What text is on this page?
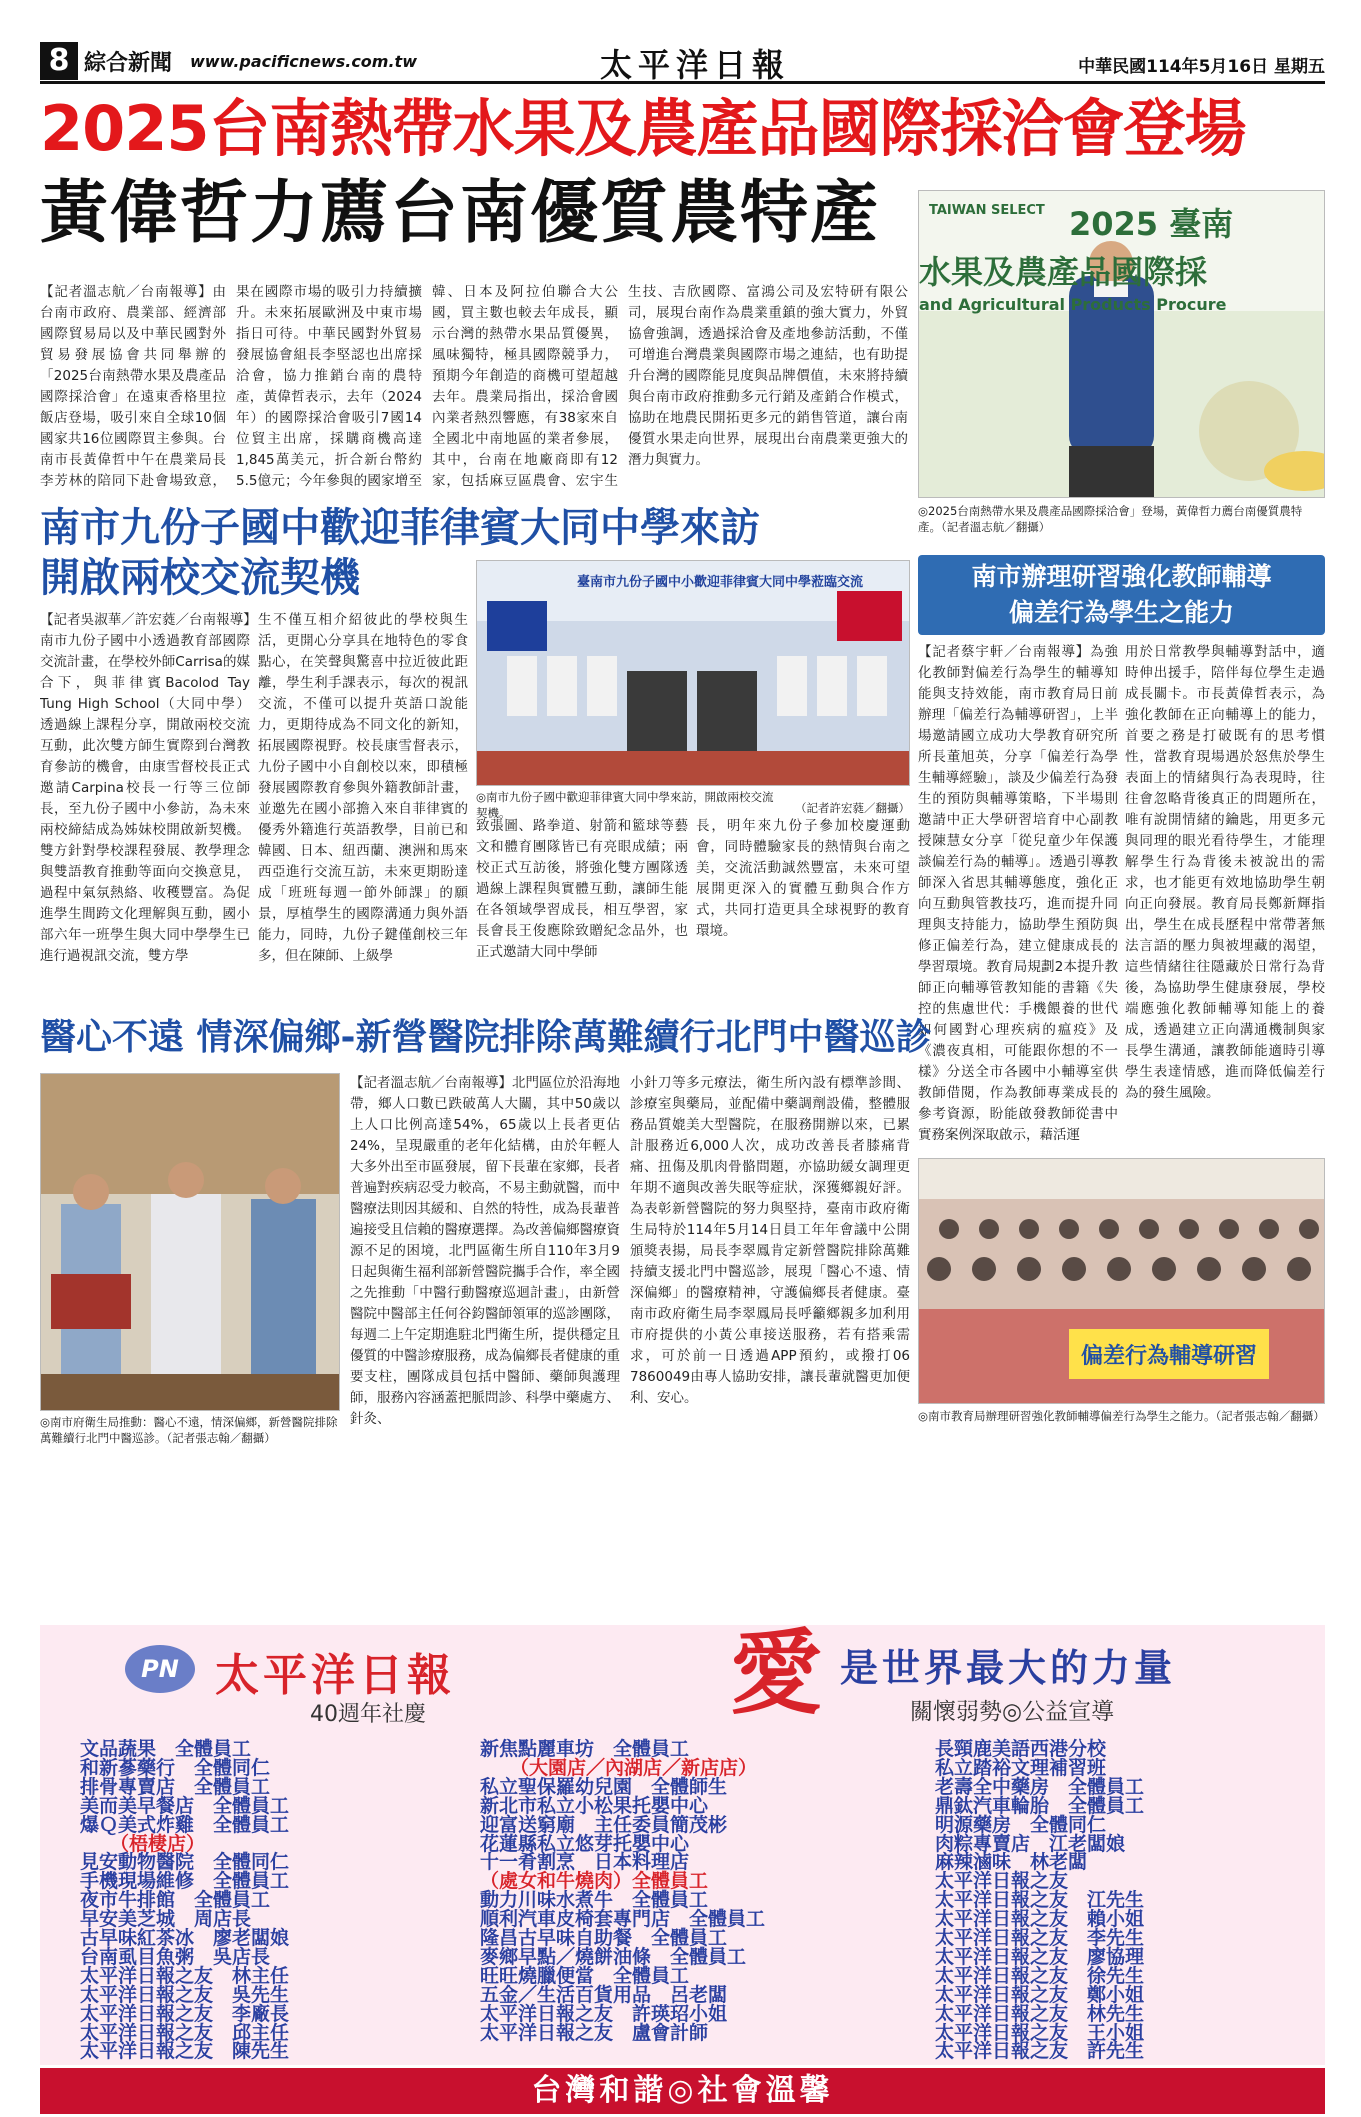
8 綜合新聞 www.pacificnews.com.tw	太平洋日報	中華民國114年5月16日 星期五
2025台南熱帶水果及農產品國際採洽會登場
黃偉哲力薦台南優質農特產
【記者溫志航／台南報導】由台南市政府、農業部、經濟部國際貿易局以及中華民國對外貿易發展協會共同舉辦的「2025台南熱帶水果及農產品國際採洽會」在遠東香格里拉飯店登場，吸引來自全球10個國家共16位國際買主參與。台南市長黃偉哲中午在農業局長李芳林的陪同下赴會場致意，
果在國際市場的吸引力持續擴升。未來拓展歐洲及中東市場指日可待。中華民國對外貿易發展協會組長李堅認也出席採洽會，協力推銷台南的農特產，黃偉哲表示，去年（2024年）的國際採洽會吸引7國14位貿主出席，採購商機高達1,845萬美元，折合新台幣約5.5億元；今年參與的國家增至
韓、日本及阿拉伯聯合大公國，買主數也較去年成長，顯示台灣的熱帶水果品質優異，風味獨特，極具國際競爭力，預期今年創造的商機可望超越去年。農業局指出，採洽會國內業者熱烈響應，有38家來自全國北中南地區的業者參展，其中，台南在地廠商即有12家，包括麻豆區農會、宏宇生
生技、吉欣國際、富鴻公司及宏特研有限公司，展現台南作為農業重鎮的強大實力，外貿協會強調，透過採洽會及產地參訪活動，不僅可增進台灣農業與國際市場之連結，也有助提升台灣的國際能見度與品牌價值，未來將持續與台南市政府推動多元行銷及產銷合作模式，協助在地農民開拓更多元的銷售管道，讓台南優質水果走向世界，展現出台南農業更強大的潛力與實力。
TAIWAN SELECT 2025 臺南
水果及農產品國際採
and Agricultural Products Procure
◎2025台南熱帶水果及農產品國際採洽會」登場，黃偉哲力薦台南優質農特產。（記者溫志航／翻攝）
南市九份子國中歡迎菲律賓大同中學來訪
開啟兩校交流契機
【記者吳淑華／許宏蕤／台南報導】南市九份子國中小透過教育部國際交流計畫，在學校外師Carrisa的媒合下，與菲律賓Bacolod Tay Tung High School（大同中學）透過線上課程分享，開啟兩校交流互動，此次雙方師生實際到台灣教育參訪的機會，由康雪督校長正式邀請Carpina校長一行等三位師長，至九份子國中小參訪，為未來兩校締結成為姊妹校開啟新契機。雙方針對學校課程發展、教學理念與雙語教育推動等面向交換意見，過程中氣氛熱絡、收穫豐富。為促進學生間跨文化理解與互動，國小部六年一班學生與大同中學學生已進行過視訊交流，雙方學
生不僅互相介紹彼此的學校與生活，更開心分享具在地特色的零食點心，在笑聲與驚喜中拉近彼此距離，學生利手課表示，每次的視訊交流，不僅可以提升英語口說能力，更期待成為不同文化的新知，拓展國際視野。校長康雪督表示，九份子國中小自創校以來，即積極發展國際教育參與外籍教師計畫，並邀先在國小部擔入來自菲律賓的優秀外籍進行英語教學，目前已和韓國、日本、紐西蘭、澳洲和馬來西亞進行交流互訪，未來更期盼達成「班班每週一節外師課」的願景，厚植學生的國際溝通力與外語能力，同時，九份子鍵僅創校三年多，但在陳師、上級學
致張圖、路拳道、射箭和籃球等藝文和體育團隊皆已有亮眼成績；兩校正式互訪後，將強化雙方團隊透過線上課程與實體互動，讓師生能在各領域學習成長，相互學習，家長會長王俊應除致贈紀念品外，也正式邀請大同中學師
長，明年來九份子參加校慶運動會，同時體驗家長的熱情與台南之美，交流活動誠然豐富，未來可望展開更深入的實體互動與合作方式，共同打造更具全球視野的教育環境。
臺南市九份子國中小歡迎菲律賓大同中學蒞臨交流
◎南市九份子國中歡迎菲律賓大同中學來訪，開啟兩校交流契機。	（記者許宏蕤／翻攝）
南市辦理研習強化教師輔導
偏差行為學生之能力
【記者蔡宇軒／台南報導】為強化教師對偏差行為學生的輔導知能與支持效能，南市教育局日前辦理「偏差行為輔導研習」，上半場邀請國立成功大學教育研究所所長董旭英，分享「偏差行為學生輔導經驗」，談及少偏差行為發生的預防與輔導策略，下半場則邀請中正大學研習培育中心副教授陳慧女分享「從兒童少年保護談偏差行為的輔導」。透過引導教師深入省思其輔導態度，強化正向互動與管教技巧，進而提升同理與支持能力，協助學生預防與修正偏差行為，建立健康成長的學習環境。教育局規劃2本提升教師正向輔導管教知能的書籍《失控的焦慮世代：手機餵養的世代如何國對心理疾病的瘟疫》及《濃夜真相，可能跟你想的不一樣》分送全市各國中小輔導室供教師借閱，作為教師專業成長的參考資源，盼能啟發教師從書中實務案例深取啟示，藉活運
用於日常教學與輔導對話中，適時伸出援手，陪伴每位學生走過成長關卡。市長黃偉哲表示，為強化教師在正向輔導上的能力，首要之務是打破既有的思考慣性，當教育現場遇於怒焦於學生表面上的情緒與行為表現時，往往會忽略背後真正的問題所在，唯有說開情緒的鑰匙，用更多元與同理的眼光看待學生，才能理解學生行為背後未被說出的需求，也才能更有效地協助學生朝向正向發展。教育局長鄭新輝指出，學生在成長歷程中常帶著無法言語的壓力與被埋藏的渴望，這些情緒往往隱藏於日常行為背後，為協助學生健康發展，學校端應強化教師輔導知能上的養成，透過建立正向溝通機制與家長學生溝通，讓教師能適時引導學生表達情感，進而降低偏差行為的發生風險。
偏差行為輔導研習
◎南市教育局辦理研習強化教師輔導偏差行為學生之能力。（記者張志翰／翻攝）
醫心不遠 情深偏鄉-新營醫院排除萬難續行北門中醫巡診
◎南市府衛生局推動：醫心不遠，情深偏鄉，新營醫院排除萬難續行北門中醫巡診。（記者張志翰／翻攝）
【記者溫志航／台南報導】北門區位於沿海地帶，鄉人口數已跌破萬人大關，其中50歲以上人口比例高達54%，65歲以上長者更佔24%，呈現嚴重的老年化結構，由於年輕人大多外出至市區發展，留下長輩在家鄉，長者普遍對疾病忍受力較高，不易主動就醫，而中醫療法則因其緩和、自然的特性，成為長輩普遍接受且信賴的醫療選擇。為改善偏鄉醫療資源不足的困境，北門區衛生所自110年3月9日起與衛生福利部新營醫院攜手合作，率全國之先推動「中醫行動醫療巡迴計畫」，由新營醫院中醫部主任何谷鈞醫師領軍的巡診團隊，每週二上午定期進駐北門衛生所，提供穩定且優質的中醫診療服務，成為偏鄉長者健康的重要支柱，團隊成員包括中醫師、藥師與護理師，服務內容涵蓋把脈問診、科學中藥處方、針灸、
小針刀等多元療法，衛生所內設有標準診間、診療室與藥局，並配備中藥調劑設備，整體服務品質媲美大型醫院，在服務開辦以來，已累計服務近6,000人次，成功改善長者膝痛背痛、扭傷及肌肉骨骼問題，亦協助緩女調理更年期不適與改善失眠等症狀，深獲鄉親好評。為表彰新營醫院的努力與堅持，臺南市政府衛生局特於114年5月14日員工年年會議中公開頒獎表揚，局長李翠鳳肯定新營醫院排除萬難持續支援北門中醫巡診，展現「醫心不遠、情深偏鄉」的醫療精神，守護偏鄉長者健康。臺南市政府衛生局李翠鳳局長呼籲鄉親多加利用市府提供的小黃公車接送服務，若有搭乘需求，可於前一日透過APP預約，或撥打06 7860049由專人協助安排，讓長輩就醫更加便利、安心。
PN 太平洋日報
40週年社慶	愛 是世界最大的力量
關懷弱勢◎公益宣導
文品蔬果　全體員工
和新蔘藥行　全體同仁
排骨專賣店　全體員工
美而美早餐店　全體員工
爆Ｑ美式炸雞　全體員工
（梧棲店）
見安動物醫院　全體同仁
手機現場維修　全體員工
夜市牛排館　全體員工
早安美芝城　周店長
古早味紅茶冰　廖老闆娘
台南虱目魚粥　吳店長
太平洋日報之友　林主任
太平洋日報之友　吳先生
太平洋日報之友　李廠長
太平洋日報之友　邱主任
太平洋日報之友　陳先生
新焦點麗車坊　全體員工
（大園店／內湖店／新店店）
私立聖保羅幼兒園　全體師生
新北市私立小松果托嬰中心
迎富送窮廟　主任委員簡茂彬
花蓮縣私立悠芽托嬰中心
十一肴割烹　日本料理店
（處女和牛燒肉）全體員工
動力川味水煮牛　全體員工
順利汽車皮椅套專門店　全體員工
隆昌古早味自助餐　全體員工
麥鄉早點／燒餅油條　全體員工
旺旺燒臘便當　全體員工
五金／生活百貨用品　呂老闆
太平洋日報之友　許瑛玿小姐
太平洋日報之友　盧會計師
長頸鹿美語西港分校
私立踏裕文理補習班
老壽全中藥房　全體員工
鼎鈦汽車輪胎　全體員工
明源藥房　全體同仁
肉粽專賣店　江老闆娘
麻辣滷味　林老闆
太平洋日報之友
太平洋日報之友　江先生
太平洋日報之友　賴小姐
太平洋日報之友　李先生
太平洋日報之友　廖協理
太平洋日報之友　徐先生
太平洋日報之友　鄭小姐
太平洋日報之友　林先生
太平洋日報之友　王小姐
太平洋日報之友　許先生
台灣和諧◎社會溫馨
